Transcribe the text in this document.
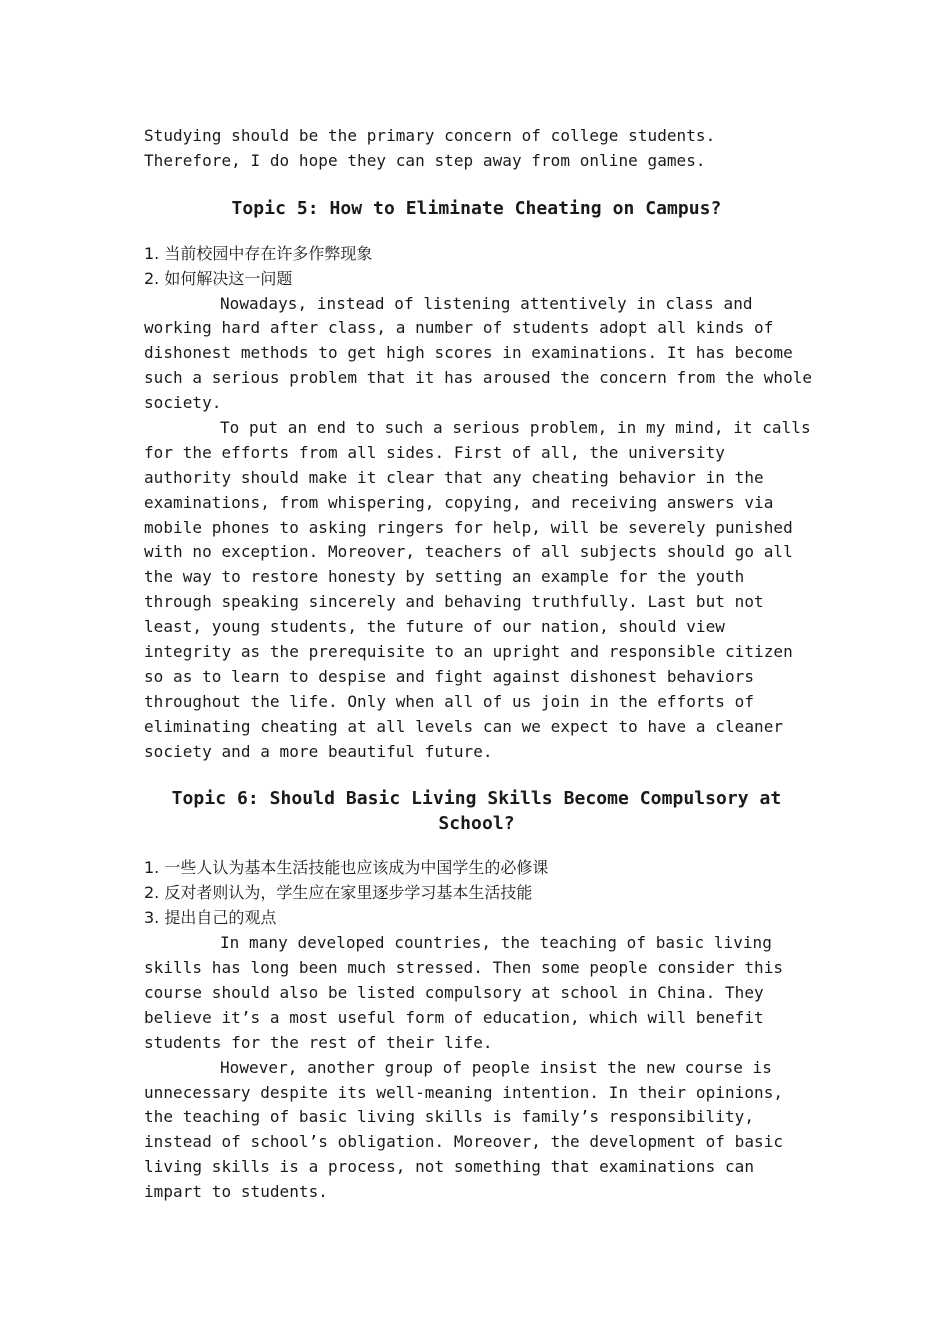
Studying should be the primary concern of college students.
Therefore, I do hope they can step away from online games.
Topic 5: How to Eliminate Cheating on Campus?
1. 当前校园中存在许多作弊现象
2. 如何解决这一问题
Nowadays, instead of listening attentively in class and
working hard after class, a number of students adopt all kinds of
dishonest methods to get high scores in examinations. It has become
such a serious problem that it has aroused the concern from the whole
society.
To put an end to such a serious problem, in my mind, it calls
for the efforts from all sides. First of all, the university
authority should make it clear that any cheating behavior in the
examinations, from whispering, copying, and receiving answers via
mobile phones to asking ringers for help, will be severely punished
with no exception. Moreover, teachers of all subjects should go all
the way to restore honesty by setting an example for the youth
through speaking sincerely and behaving truthfully. Last but not
least, young students, the future of our nation, should view
integrity as the prerequisite to an upright and responsible citizen
so as to learn to despise and fight against dishonest behaviors
throughout the life. Only when all of us join in the efforts of
eliminating cheating at all levels can we expect to have a cleaner
society and a more beautiful future.
Topic 6: Should Basic Living Skills Become Compulsory at
School?
1. 一些人认为基本生活技能也应该成为中国学生的必修课
2. 反对者则认为，学生应在家里逐步学习基本生活技能
3. 提出自己的观点
In many developed countries, the teaching of basic living
skills has long been much stressed. Then some people consider this
course should also be listed compulsory at school in China. They
believe it’s a most useful form of education, which will benefit
students for the rest of their life.
However, another group of people insist the new course is
unnecessary despite its well-meaning intention. In their opinions,
the teaching of basic living skills is family’s responsibility,
instead of school’s obligation. Moreover, the development of basic
living skills is a process, not something that examinations can
impart to students.
